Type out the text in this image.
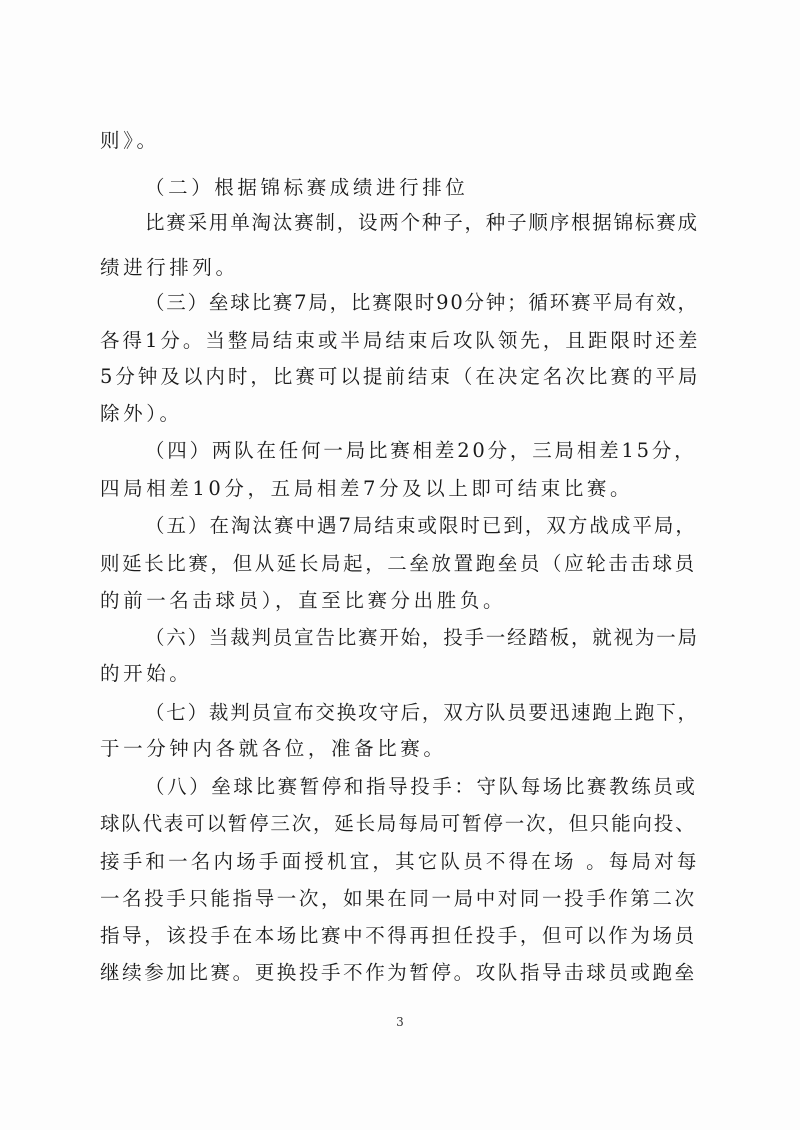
则》。
（二）根据锦标赛成绩进行排位
比赛采用单淘汰赛制，设两个种子，种子顺序根据锦标赛成
绩进行排列。
（三）垒球比赛7局，比赛限时90分钟；循环赛平局有效，
各得1分。当整局结束或半局结束后攻队领先，且距限时还差
5分钟及以内时，比赛可以提前结束（在决定名次比赛的平局
除外）。
（四）两队在任何一局比赛相差20分，三局相差15分，
四局相差10分，五局相差7分及以上即可结束比赛。
（五）在淘汰赛中遇7局结束或限时已到，双方战成平局，
则延长比赛，但从延长局起，二垒放置跑垒员（应轮击击球员
的前一名击球员），直至比赛分出胜负。
（六）当裁判员宣告比赛开始，投手一经踏板，就视为一局
的开始。
（七）裁判员宣布交换攻守后，双方队员要迅速跑上跑下，
于一分钟内各就各位，准备比赛。
（八）垒球比赛暂停和指导投手：守队每场比赛教练员或
球队代表可以暂停三次，延长局每局可暂停一次，但只能向投、
接手和一名内场手面授机宜，其它队员不得在场 。每局对每
一名投手只能指导一次，如果在同一局中对同一投手作第二次
指导，该投手在本场比赛中不得再担任投手，但可以作为场员
继续参加比赛。更换投手不作为暂停。攻队指导击球员或跑垒
3
